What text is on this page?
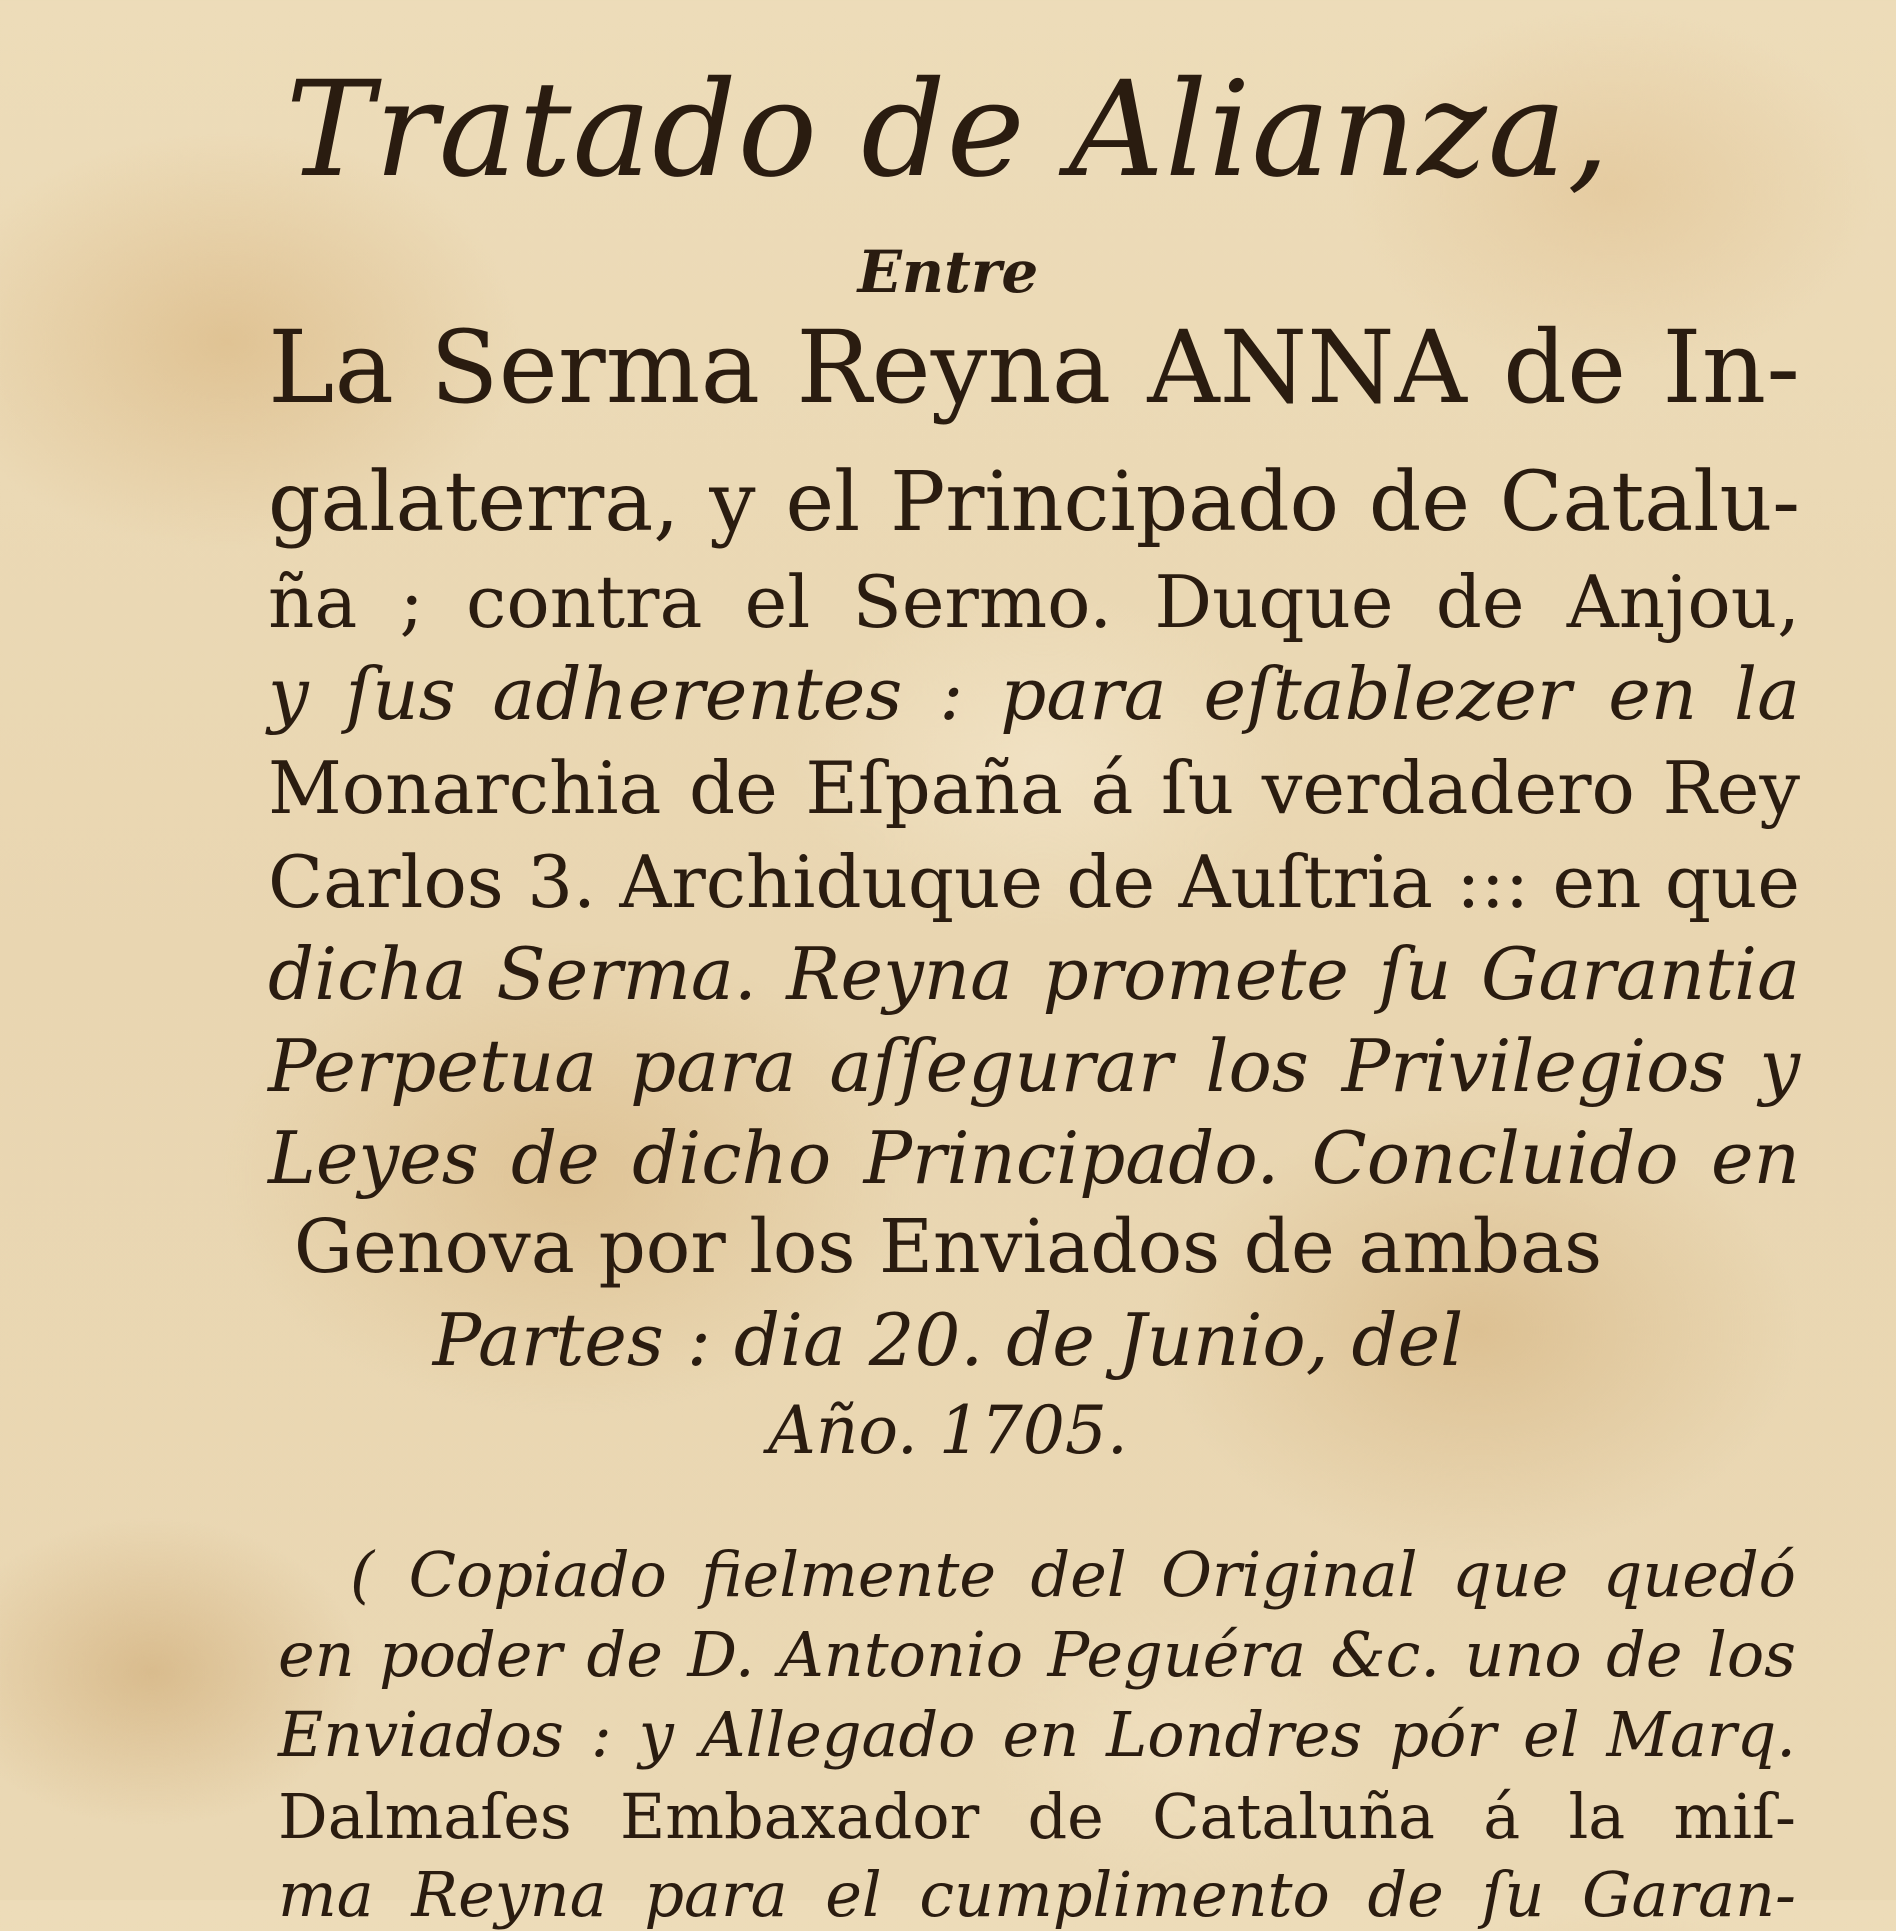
Tratado de Alianza,
Entre
La Serma Reyna ANNA de In-
galaterra, y el Principado de Catalu-
ña ; contra el Sermo. Duque de Anjou,
y ſus adherentes : para eſtablezer en la
Monarchia de Eſpaña á ſu verdadero Rey
Carlos 3. Archiduque de Auſtria ::: en que
dicha Serma. Reyna promete ſu Garantia
Perpetua para aſſegurar los Privilegios y
Leyes de dicho Principado. Concluido en
Genova por los Enviados de ambas
Partes : dia 20. de Junio, del
Año. 1705.
( Copiado fielmente del Original que quedó
en poder de D. Antonio Peguéra &c. uno de los
Enviados : y Allegado en Londres pór el Marq.
Dalmaſes Embaxador de Cataluña á la miſ-
ma Reyna para el cumplimento de ſu Garan-
